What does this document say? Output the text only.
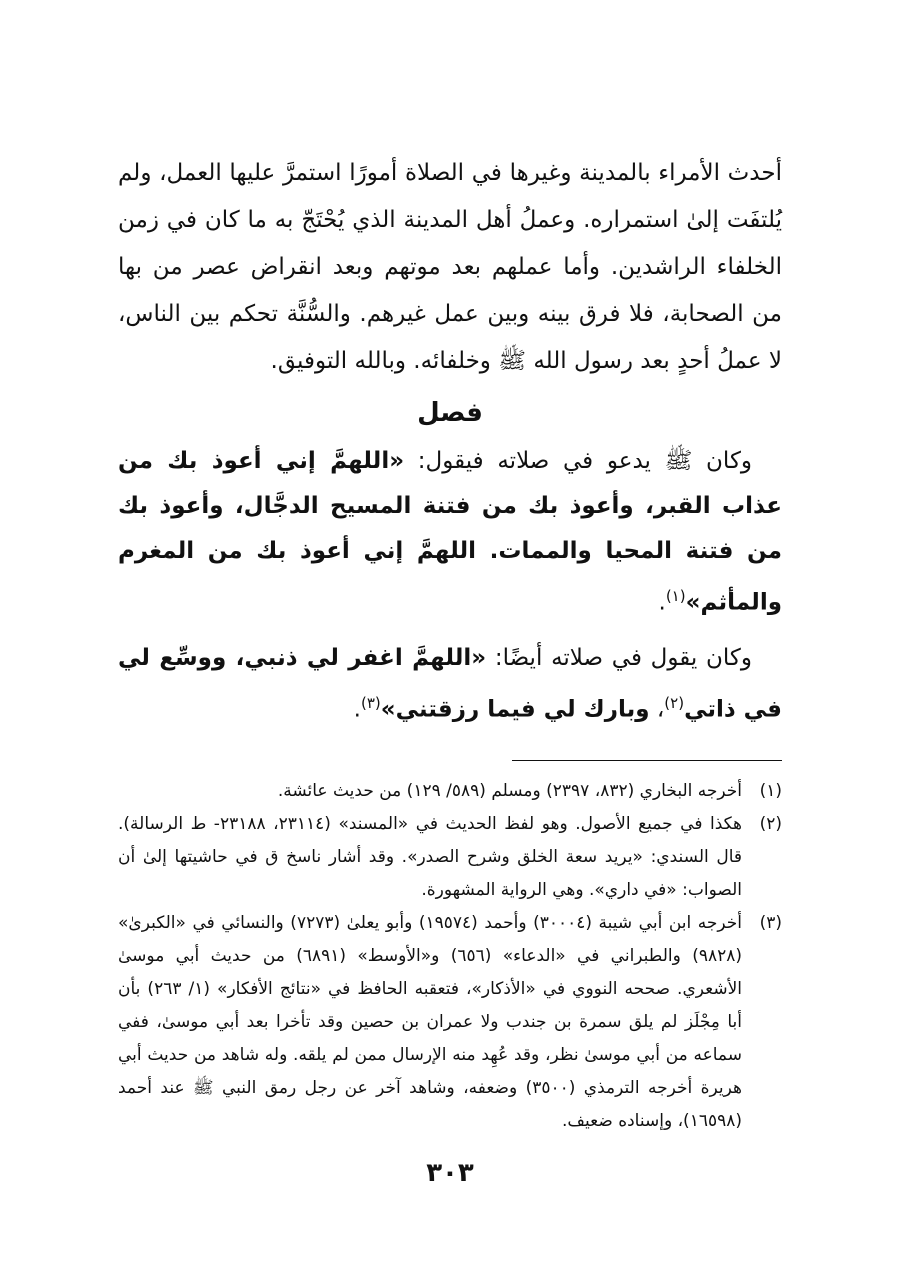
أحدث الأمراء بالمدينة وغيرها في الصلاة أمورًا استمرَّ عليها العمل، ولم يُلتفَت إلىٰ استمراره. وعملُ أهل المدينة الذي يُحْتَجّ به ما كان في زمن الخلفاء الراشدين. وأما عملهم بعد موتهم وبعد انقراض عصر من بها من الصحابة، فلا فرق بينه وبين عمل غيرهم. والسُّنَّة تحكم بين الناس، لا عملُ أحدٍ بعد رسول الله ﷺ وخلفائه. وبالله التوفيق.

فصل

وكان ﷺ يدعو في صلاته فيقول: «اللهمَّ إني أعوذ بك من عذاب القبر، وأعوذ بك من فتنة المسيح الدجَّال، وأعوذ بك من فتنة المحيا والممات. اللهمَّ إني أعوذ بك من المغرم والمأثم»$^{(١)}$.

وكان يقول في صلاته أيضًا: «اللهمَّ اغفر لي ذنبي، ووسِّع لي في ذاتي$^{(٢)}$، وبارك لي فيما رزقتني»$^{(٣)}$.

(١)
أخرجه البخاري (٨٣٢، ٢٣٩٧) ومسلم (٥٨٩/ ١٢٩) من حديث عائشة.

(٢)
هكذا في جميع الأصول. وهو لفظ الحديث في «المسند» (٢٣١١٤، ٢٣١٨٨- ط الرسالة). قال السندي: «يريد سعة الخلق وشرح الصدر». وقد أشار ناسخ ق في حاشيتها إلىٰ أن الصواب: «في داري». وهي الرواية المشهورة.

(٣)
أخرجه ابن أبي شيبة (٣٠٠٠٤) وأحمد (١٩٥٧٤) وأبو يعلىٰ (٧٢٧٣) والنسائي في «الكبرىٰ» (٩٨٢٨) والطبراني في «الدعاء» (٦٥٦) و«الأوسط» (٦٨٩١) من حديث أبي موسىٰ الأشعري. صححه النووي في «الأذكار»، فتعقبه الحافظ في «نتائج الأفكار» (١/ ٢٦٣) بأن أبا مِجْلَز لم يلق سمرة بن جندب ولا عمران بن حصين وقد تأخرا بعد أبي موسىٰ، ففي سماعه من أبي موسىٰ نظر، وقد عُهِد منه الإرسال ممن لم يلقه. وله شاهد من حديث أبي هريرة أخرجه الترمذي (٣٥٠٠) وضعفه، وشاهد آخر عن رجل رمق النبي ﷺ عند أحمد (١٦٥٩٨)، وإسناده ضعيف.

٣٠٣
